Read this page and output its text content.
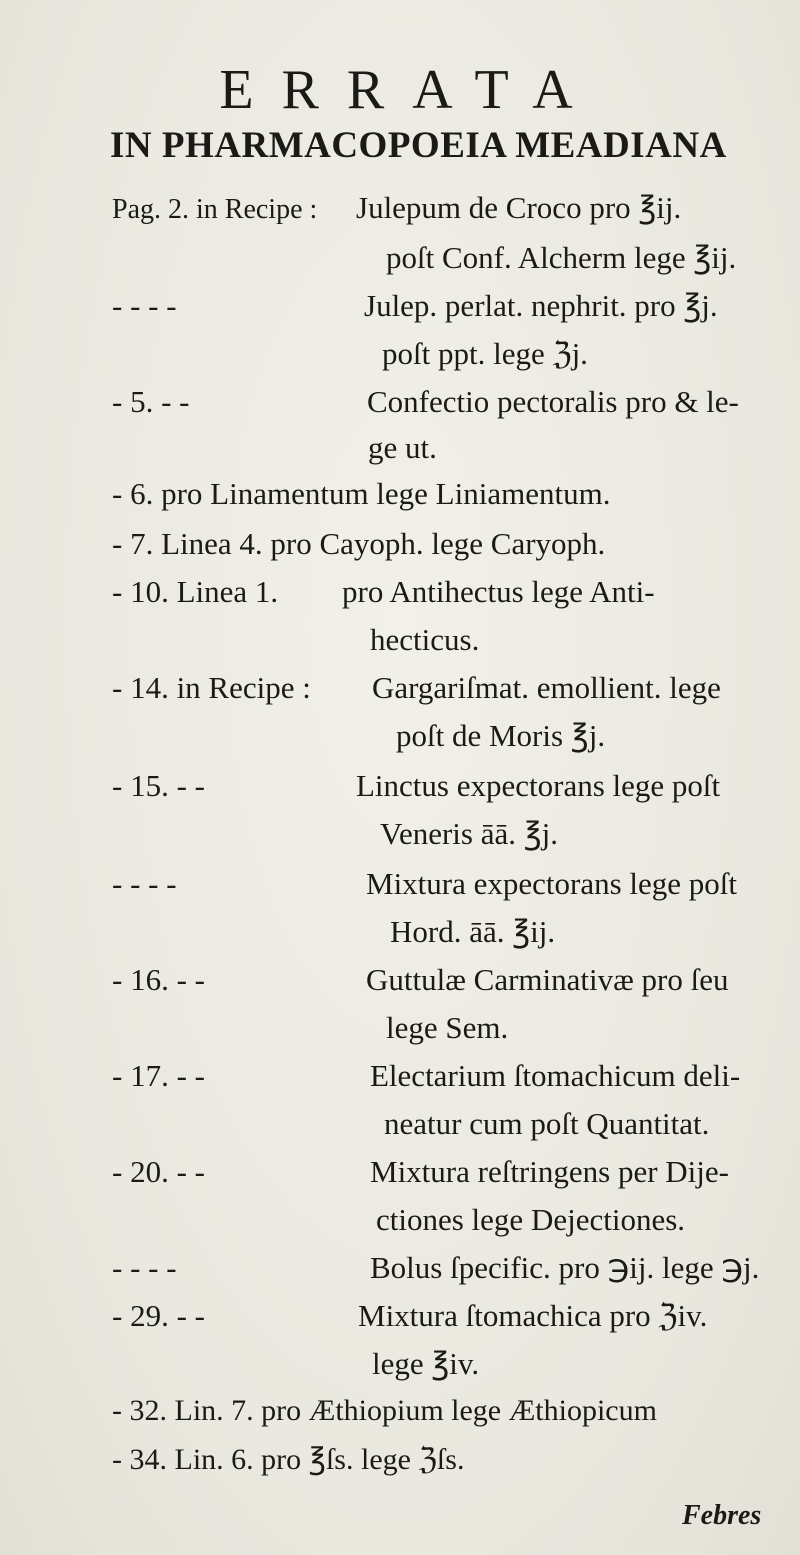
ERRATA
IN PHARMACOPOEIA MEADIANA
Pag. 2. in Recipe : Julepum de Croco pro ℥ij.
poſt Conf. Alcherm lege ℥ij.
- - - -	Julep. perlat. nephrit. pro ℥j.
poſt ppt. lege ℨj.
- 5. - -	Confectio pectoralis pro & le-
ge ut.
- 6. pro Linamentum lege Liniamentum.
- 7. Linea 4. pro Cayoph. lege Caryoph.
- 10. Linea 1. pro Antihectus lege Anti-
hecticus.
- 14. in Recipe : Gargariſmat. emollient. lege
poſt de Moris ℥j.
- 15. - -	Linctus expectorans lege poſt
Veneris āā. ℥j.
- - - -	Mixtura expectorans lege poſt
Hord. āā. ℥ij.
- 16. - -	Guttulæ Carminativæ pro ſeu
lege Sem.
- 17. - -	Electarium ſtomachicum deli-
neatur cum poſt Quantitat.
- 20. - -	Mixtura reſtringens per Dije-
ctiones lege Dejectiones.
- - - -	Bolus ſpecific. pro ℈ij. lege ℈j.
- 29. - -	Mixtura ſtomachica pro ℨiv.
lege ℥iv.
- 32. Lin. 7. pro Æthiopium lege Æthiopicum
- 34. Lin. 6. pro ℥ſs. lege ℨſs.
Febres
